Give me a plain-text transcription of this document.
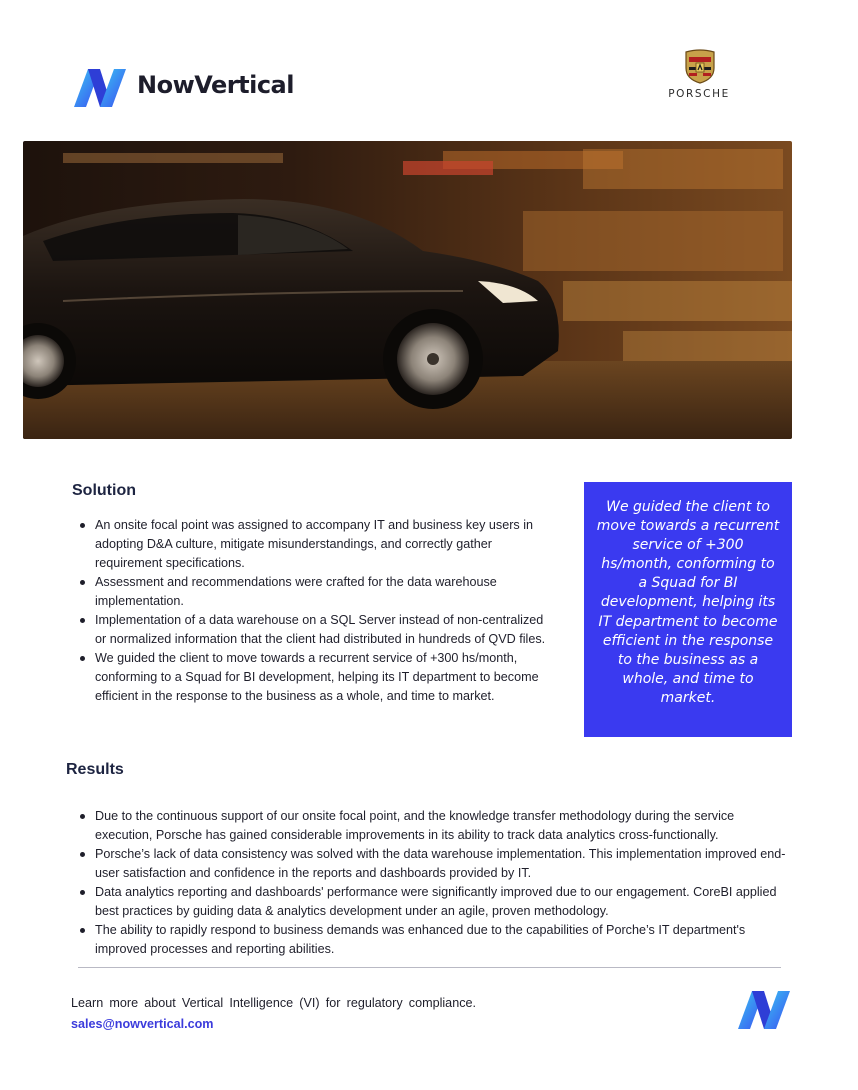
NowVertical	PORSCHE
Solution
An onsite focal point was assigned to accompany IT and business key users in adopting D&A culture, mitigate misunderstandings, and correctly gather requirement specifications.
Assessment and recommendations were crafted for the data warehouse implementation.
Implementation of a data warehouse on a SQL Server instead of non-centralized or normalized information that the client had distributed in hundreds of QVD files.
We guided the client to move towards a recurrent service of +300 hs/month, conforming to a Squad for BI development, helping its IT department to become efficient in the response to the business as a whole, and time to market.
We guided the client to move towards a recurrent service of +300 hs/month, conforming to a Squad for BI development, helping its IT department to become efficient in the response to the business as a whole, and time to market.
Results
Due to the continuous support of our onsite focal point, and the knowledge transfer methodology during the service execution, Porsche has gained considerable improvements in its ability to track data analytics cross-functionally.
Porsche’s lack of data consistency was solved with the data warehouse implementation. This implementation improved end-user satisfaction and confidence in the reports and dashboards provided by IT.
Data analytics reporting and dashboards' performance were significantly improved due to our engagement. CoreBI applied best practices by guiding data & analytics development under an agile, proven methodology.
The ability to rapidly respond to business demands was enhanced due to the capabilities of Porche’s IT department's improved processes and reporting abilities.
Learn more about Vertical Intelligence (VI) for regulatory compliance. sales@nowvertical.com
